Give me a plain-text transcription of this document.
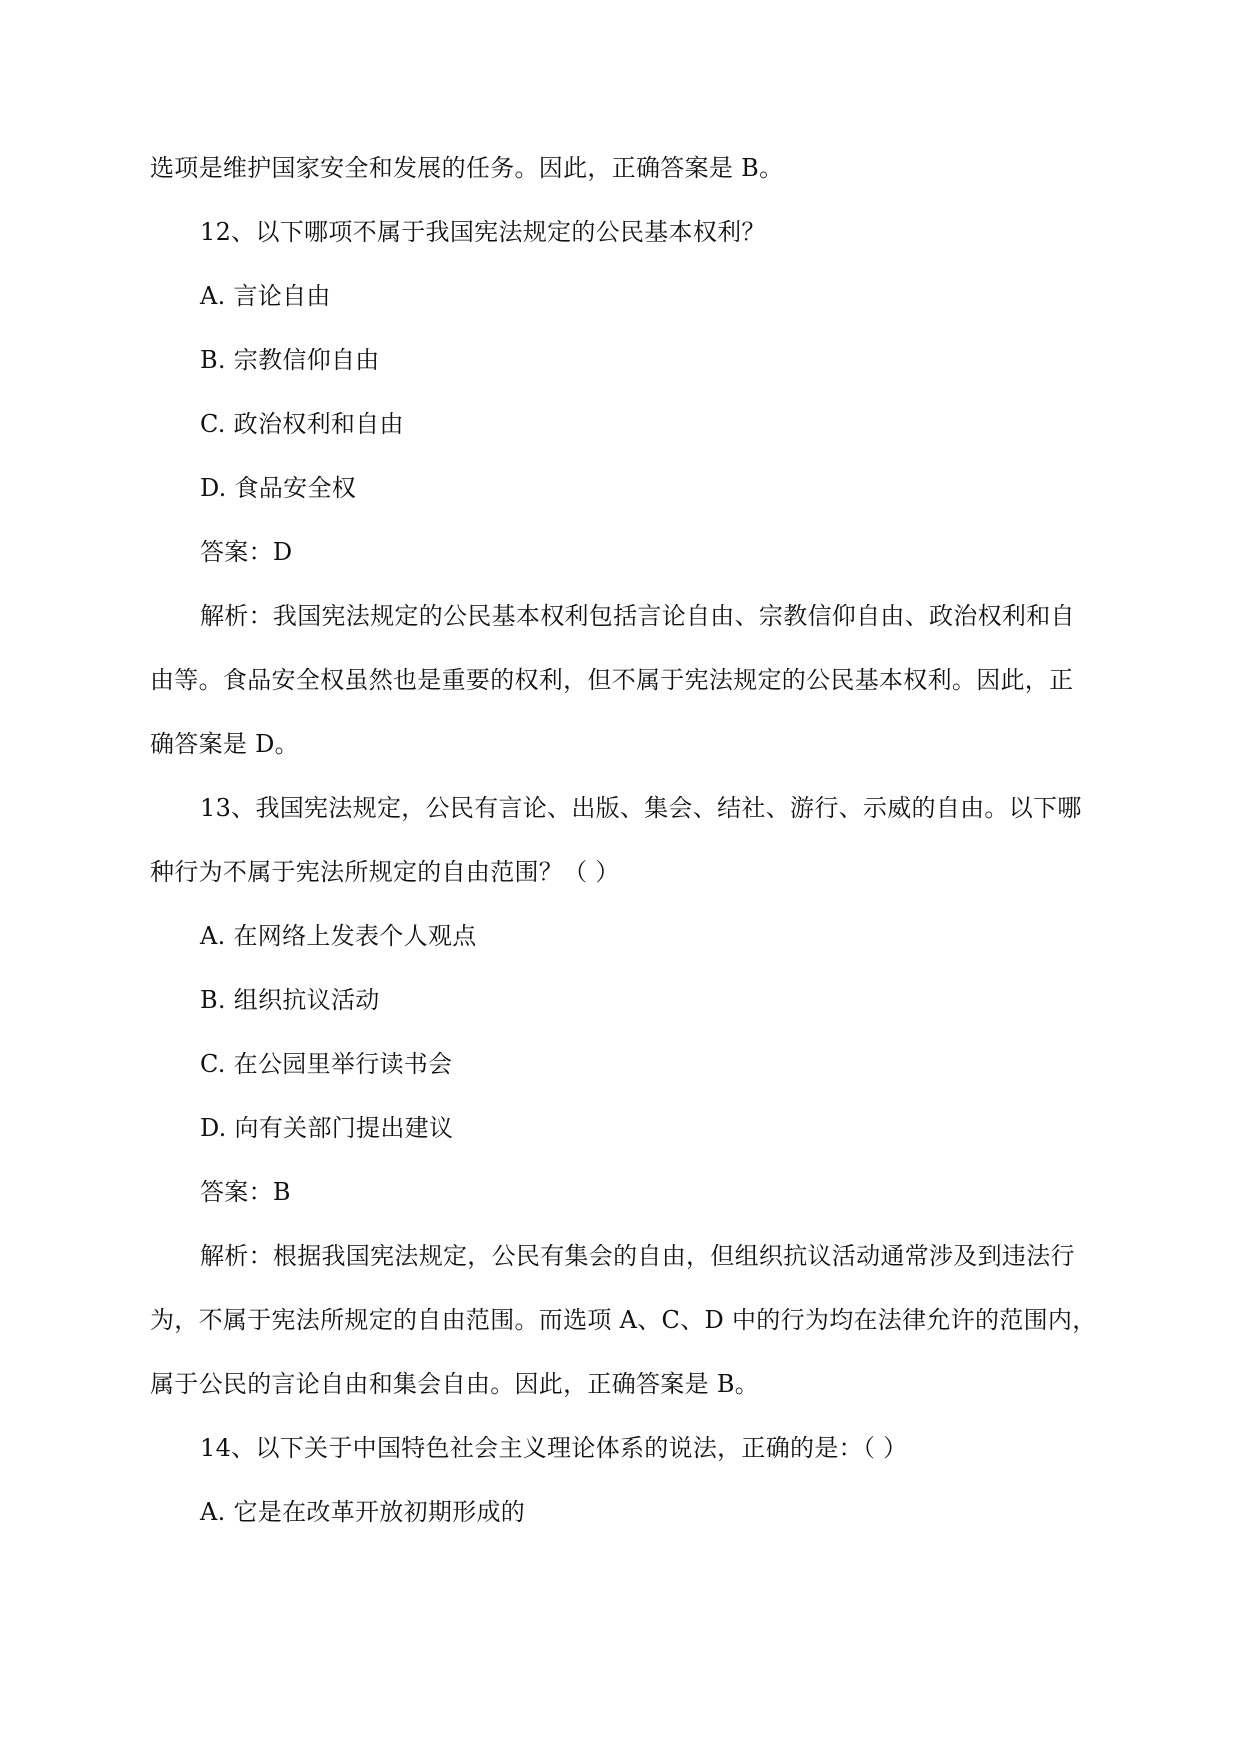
选项是维护国家安全和发展的任务。因此，正确答案是 B。
12、以下哪项不属于我国宪法规定的公民基本权利？
A. 言论自由
B. 宗教信仰自由
C. 政治权利和自由
D. 食品安全权
答案：D
解析：我国宪法规定的公民基本权利包括言论自由、宗教信仰自由、政治权利和自
由等。食品安全权虽然也是重要的权利，但不属于宪法规定的公民基本权利。因此，正
确答案是 D。
13、我国宪法规定，公民有言论、出版、集会、结社、游行、示威的自由。以下哪
种行为不属于宪法所规定的自由范围？（ ）
A. 在网络上发表个人观点
B. 组织抗议活动
C. 在公园里举行读书会
D. 向有关部门提出建议
答案：B
解析：根据我国宪法规定，公民有集会的自由，但组织抗议活动通常涉及到违法行
为，不属于宪法所规定的自由范围。而选项 A、C、D 中的行为均在法律允许的范围内，
属于公民的言论自由和集会自由。因此，正确答案是 B。
14、以下关于中国特色社会主义理论体系的说法，正确的是：（ ）
A. 它是在改革开放初期形成的
